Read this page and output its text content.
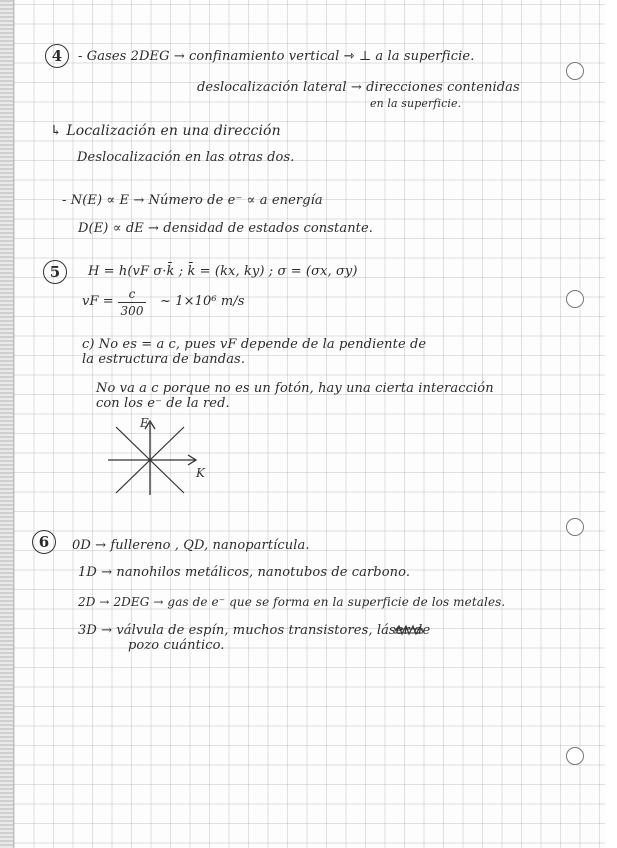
4	- Gases 2DEG → confinamiento vertical ⇾ ⊥ a la superficie.
deslocalización lateral → direcciones contenidas
en la superficie.
↳ Localización en una dirección
Deslocalización en las otras dos.
- N(E) ∝ E → Número de e⁻ ∝ a energía
D(E) ∝ dE → densidad de estados constante.
5	H = h(vF σ·k̄ ; k̄ = (kx, ky) ; σ = (σx, σy)
vF =	c
300
~ 1×10⁶ m/s
c) No es = a c, pues vF depende de la pendiente de
la estructura de bandas.
No va a c porque no es un fotón, hay una cierta interacción
con los e⁻ de la red.
E
K
6	0D → fullereno , QD, nanopartícula.
1D → nanohilos metálicos, nanotubos de carbono.
2D → 2DEG → gas de e⁻ que se forma en la superficie de los metales.
3D → válvula de espín, muchos transistores, láser de
pozo cuántico.
